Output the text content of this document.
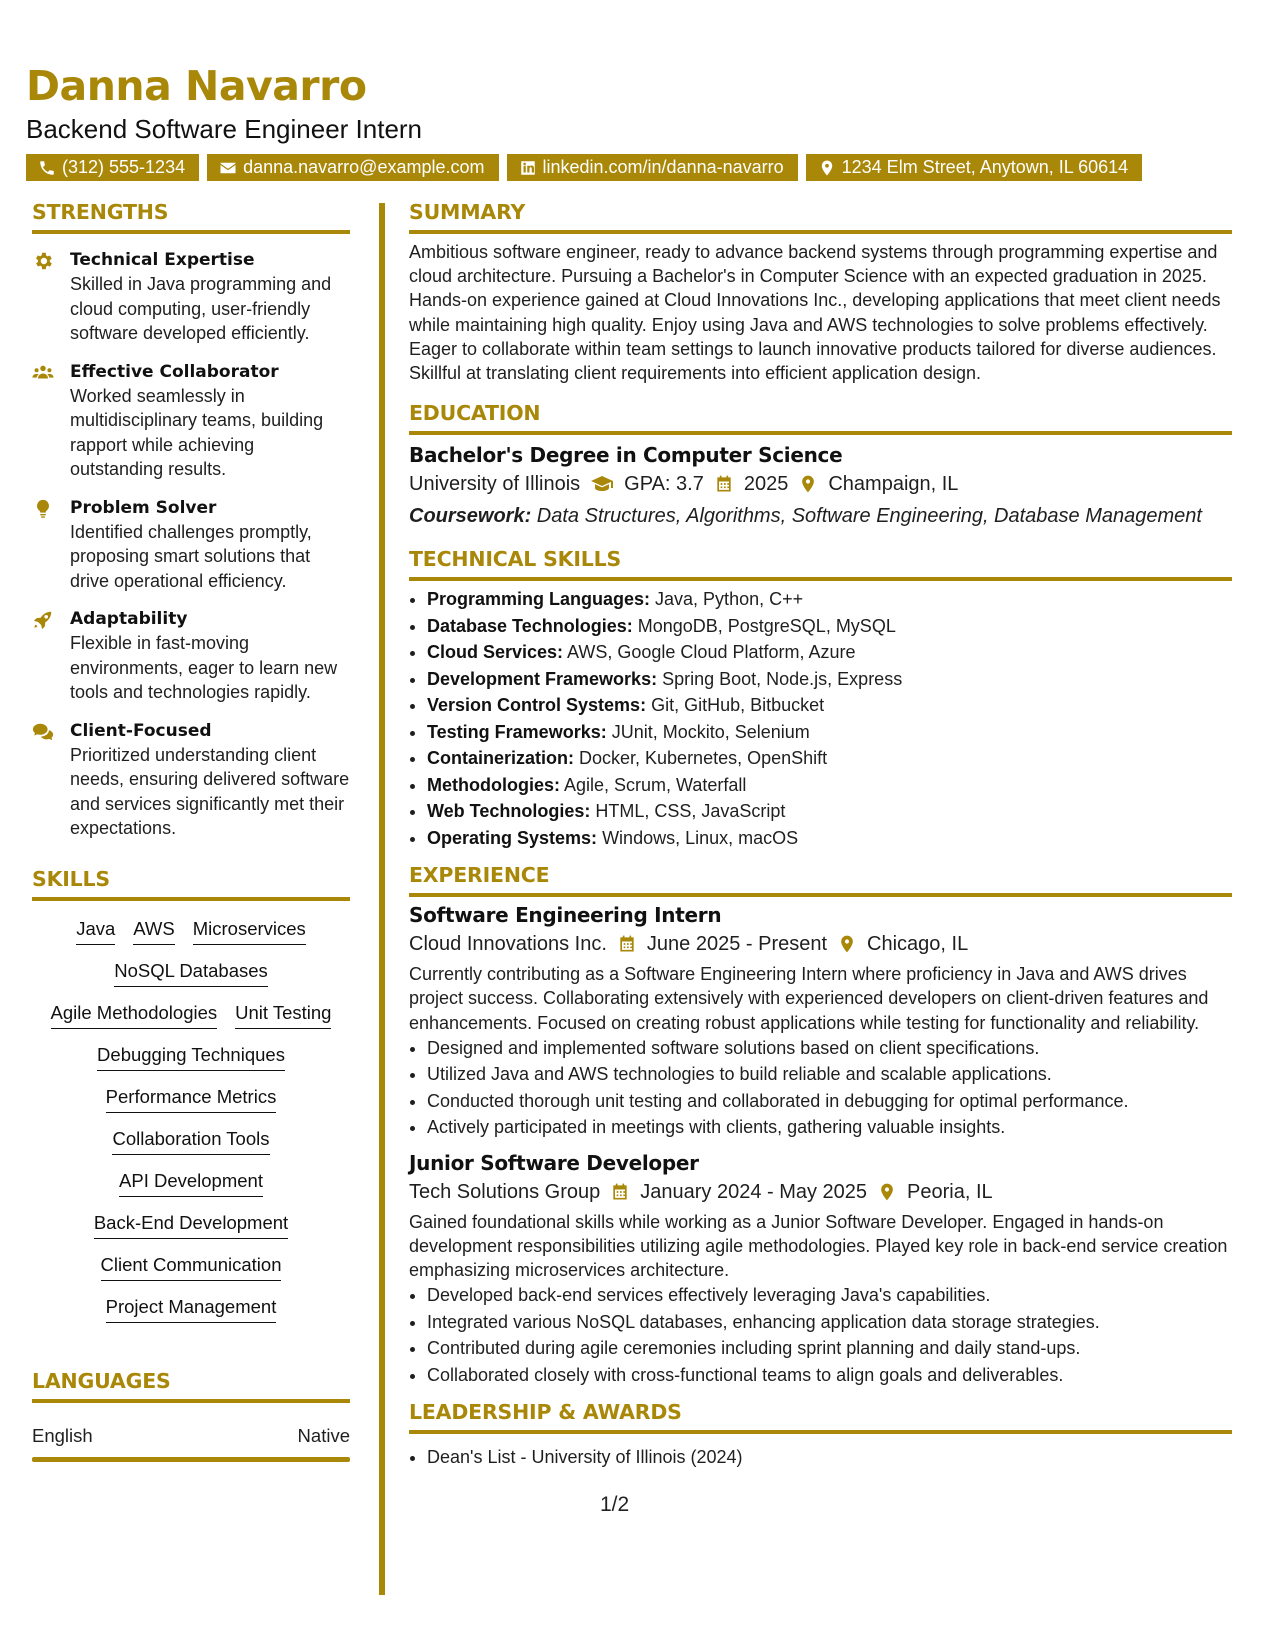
Danna Navarro
Backend Software Engineer Intern
(312) 555-1234	danna.navarro@example.com	linkedin.com/in/danna-navarro	1234 Elm Street, Anytown, IL 60614
STRENGTHS
Technical Expertise
Skilled in Java programming and cloud computing, user-friendly software developed efficiently.
Effective Collaborator
Worked seamlessly in multidisciplinary teams, building rapport while achieving outstanding results.
Problem Solver
Identified challenges promptly, proposing smart solutions that drive operational efficiency.
Adaptability
Flexible in fast-moving environments, eager to learn new tools and technologies rapidly.
Client-Focused
Prioritized understanding client needs, ensuring delivered software and services significantly met their expectations.
SKILLS
Java AWS Microservices
NoSQL Databases
Agile Methodologies Unit Testing
Debugging Techniques
Performance Metrics
Collaboration Tools
API Development
Back-End Development
Client Communication
Project Management
LANGUAGES
English	Native
SUMMARY

Ambitious software engineer, ready to advance backend systems through programming expertise and cloud architecture. Pursuing a Bachelor's in Computer Science with an expected graduation in 2025. Hands-on experience gained at Cloud Innovations Inc., developing applications that meet client needs while maintaining high quality. Enjoy using Java and AWS technologies to solve problems effectively. Eager to collaborate within team settings to launch innovative products tailored for diverse audiences. Skillful at translating client requirements into efficient application design.

EDUCATION
Bachelor's Degree in Computer Science
University of Illinois GPA: 3.7 2025 Champaign, IL
Coursework: Data Structures, Algorithms, Software Engineering, Database Management
TECHNICAL SKILLS
• Programming Languages: Java, Python, C++
• Database Technologies: MongoDB, PostgreSQL, MySQL
• Cloud Services: AWS, Google Cloud Platform, Azure
• Development Frameworks: Spring Boot, Node.js, Express
• Version Control Systems: Git, GitHub, Bitbucket
• Testing Frameworks: JUnit, Mockito, Selenium
• Containerization: Docker, Kubernetes, OpenShift
• Methodologies: Agile, Scrum, Waterfall
• Web Technologies: HTML, CSS, JavaScript
• Operating Systems: Windows, Linux, macOS
EXPERIENCE
Software Engineering Intern
Cloud Innovations Inc. June 2025 - Present Chicago, IL

Currently contributing as a Software Engineering Intern where proficiency in Java and AWS drives project success. Collaborating extensively with experienced developers on client-driven features and enhancements. Focused on creating robust applications while testing for functionality and reliability.

• Designed and implemented software solutions based on client specifications.
• Utilized Java and AWS technologies to build reliable and scalable applications.
• Conducted thorough unit testing and collaborated in debugging for optimal performance.
• Actively participated in meetings with clients, gathering valuable insights.
Junior Software Developer
Tech Solutions Group January 2024 - May 2025 Peoria, IL

Gained foundational skills while working as a Junior Software Developer. Engaged in hands-on development responsibilities utilizing agile methodologies. Played key role in back-end service creation emphasizing microservices architecture.

• Developed back-end services effectively leveraging Java's capabilities.
• Integrated various NoSQL databases, enhancing application data storage strategies.
• Contributed during agile ceremonies including sprint planning and daily stand-ups.
• Collaborated closely with cross-functional teams to align goals and deliverables.
LEADERSHIP & AWARDS
• Dean's List - University of Illinois (2024)
1/2
